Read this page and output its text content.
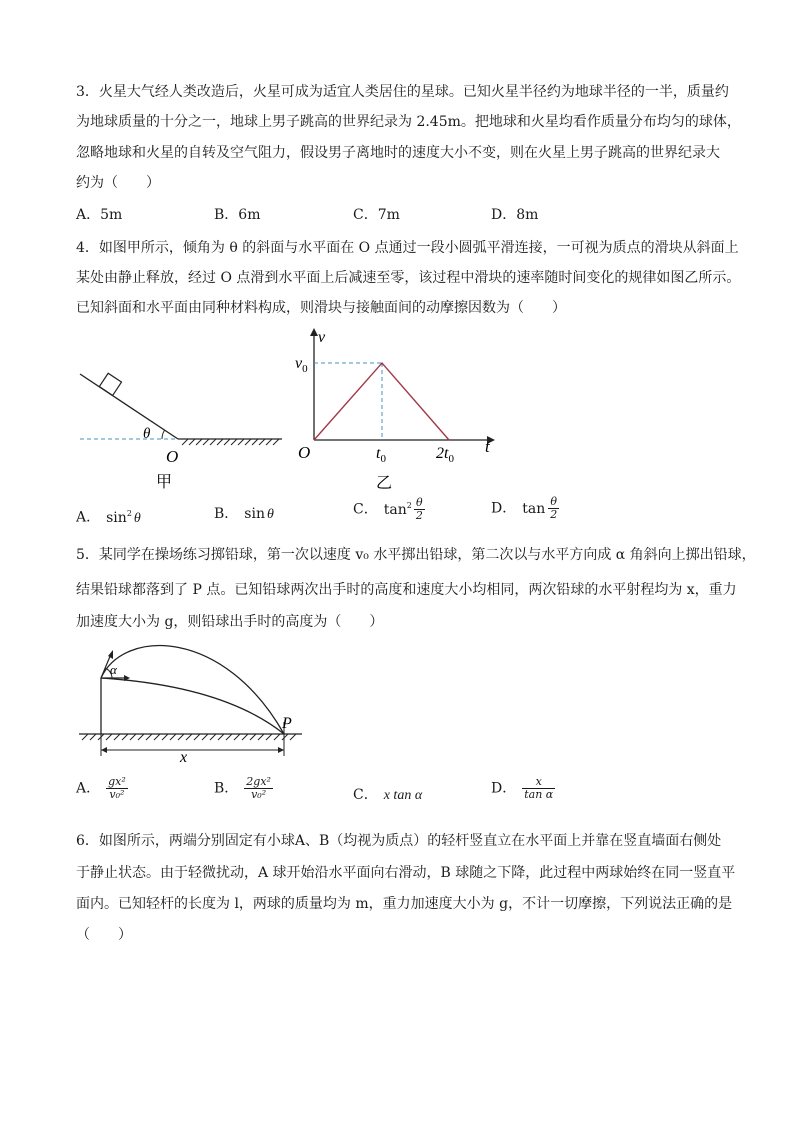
3．火星大气经人类改造后，火星可成为适宜人类居住的星球。已知火星半径约为地球半径的一半，质量约
为地球质量的十分之一，地球上男子跳高的世界纪录为 2.45m。把地球和火星均看作质量分布均匀的球体，
忽略地球和火星的自转及空气阻力，假设男子离地时的速度大小不变，则在火星上男子跳高的世界纪录大
约为（　　）
A．5m	B．6m	C．7m	D．8m
4．如图甲所示，倾角为 θ 的斜面与水平面在 O 点通过一段小圆弧平滑连接，一可视为质点的滑块从斜面上
某处由静止释放，经过 O 点滑到水平面上后减速至零，该过程中滑块的速率随时间变化的规律如图乙所示。
已知斜面和水平面由同种材料构成，则滑块与接触面间的动摩擦因数为（　　）
θ
O
甲
v
t
O
$v_0$
$t_0$	$2t_0$
乙
A． $\sin^2 \theta$	B． sin θ	C． $\tan^2 \frac{\theta}{2}$	D． $\tan \frac{\theta}{2}$
5．某同学在操场练习掷铅球，第一次以速度 v₀ 水平掷出铅球，第二次以与水平方向成 α 角斜向上掷出铅球，
结果铅球都落到了 P 点。已知铅球两次出手时的高度和速度大小均相同，两次铅球的水平射程均为 x，重力
加速度大小为 g，则铅球出手时的高度为（　　）
α
P
x
A． $\frac{\text{gx²}}{\text{v₀²}}$	B． $\frac{\text{2gx²}}{\text{v₀²}}$	C． x tan α	D． $\frac{x}{\text{tan α}}$
6．如图所示，两端分别固定有小球A、B（均视为质点）的轻杆竖直立在水平面上并靠在竖直墙面右侧处
于静止状态。由于轻微扰动，A 球开始沿水平面向右滑动，B 球随之下降，此过程中两球始终在同一竖直平
面内。已知轻杆的长度为 l，两球的质量均为 m，重力加速度大小为 g，不计一切摩擦，下列说法正确的是
（　　）
